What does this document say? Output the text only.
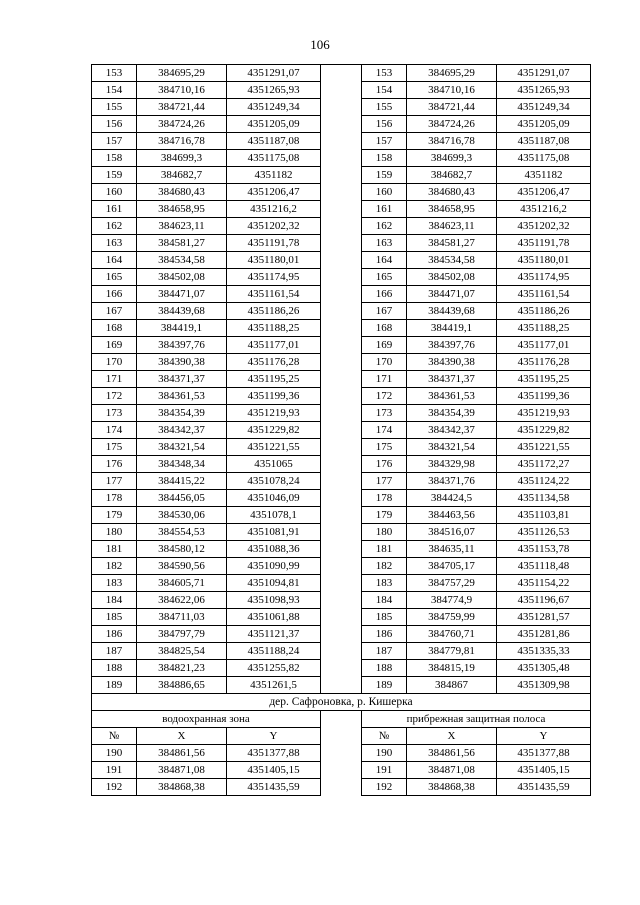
106
153	384695,29	4351291,07		153	384695,29	4351291,07
154	384710,16	4351265,93		154	384710,16	4351265,93
155	384721,44	4351249,34		155	384721,44	4351249,34
156	384724,26	4351205,09		156	384724,26	4351205,09
157	384716,78	4351187,08		157	384716,78	4351187,08
158	384699,3	4351175,08		158	384699,3	4351175,08
159	384682,7	4351182		159	384682,7	4351182
160	384680,43	4351206,47		160	384680,43	4351206,47
161	384658,95	4351216,2		161	384658,95	4351216,2
162	384623,11	4351202,32		162	384623,11	4351202,32
163	384581,27	4351191,78		163	384581,27	4351191,78
164	384534,58	4351180,01		164	384534,58	4351180,01
165	384502,08	4351174,95		165	384502,08	4351174,95
166	384471,07	4351161,54		166	384471,07	4351161,54
167	384439,68	4351186,26		167	384439,68	4351186,26
168	384419,1	4351188,25		168	384419,1	4351188,25
169	384397,76	4351177,01		169	384397,76	4351177,01
170	384390,38	4351176,28		170	384390,38	4351176,28
171	384371,37	4351195,25		171	384371,37	4351195,25
172	384361,53	4351199,36		172	384361,53	4351199,36
173	384354,39	4351219,93		173	384354,39	4351219,93
174	384342,37	4351229,82		174	384342,37	4351229,82
175	384321,54	4351221,55		175	384321,54	4351221,55
176	384348,34	4351065		176	384329,98	4351172,27
177	384415,22	4351078,24		177	384371,76	4351124,22
178	384456,05	4351046,09		178	384424,5	4351134,58
179	384530,06	4351078,1		179	384463,56	4351103,81
180	384554,53	4351081,91		180	384516,07	4351126,53
181	384580,12	4351088,36		181	384635,11	4351153,78
182	384590,56	4351090,99		182	384705,17	4351118,48
183	384605,71	4351094,81		183	384757,29	4351154,22
184	384622,06	4351098,93		184	384774,9	4351196,67
185	384711,03	4351061,88		185	384759,99	4351281,57
186	384797,79	4351121,37		186	384760,71	4351281,86
187	384825,54	4351188,24		187	384779,81	4351335,33
188	384821,23	4351255,82		188	384815,19	4351305,48
189	384886,65	4351261,5		189	384867	4351309,98
дер. Сафроновка, р. Кишерка						
водоохранная зона				прибрежная защитная полоса		
№	X	Y		№	X	Y
190	384861,56	4351377,88		190	384861,56	4351377,88
191	384871,08	4351405,15		191	384871,08	4351405,15
192	384868,38	4351435,59		192	384868,38	4351435,59
